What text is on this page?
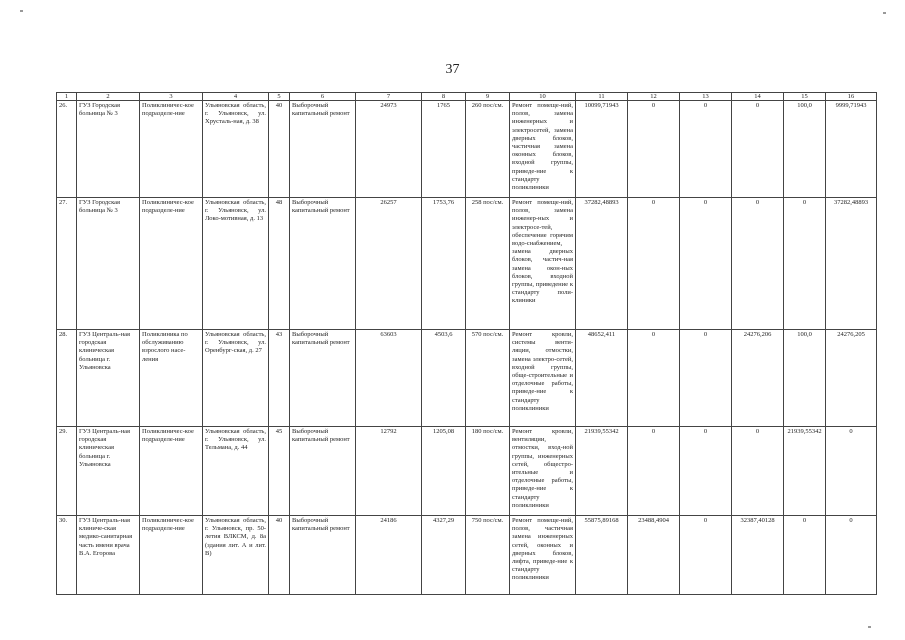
37
1	2	3	4	5	6	7	8	9	10	11	12	13	14	15	16
26.	ГУЗ Городская больница № 3	Поликлиничес-кое подразделе-ние	Ульяновская область, г. Ульяновск, ул. Хрусталь-ная, д. 38	40	Выборочный капитальный ремонт	24973	1765	260 пос/см.	Ремонт помеще-ний, полов, замена инженерных и электросетей, замена дверных блоков, частичная замена оконных блоков, входной группы, приведе-ние к стандарту поликлиники	10099,71943	0	0	0	100,0	9999,71943
27.	ГУЗ Городская больница № 3	Поликлиничес-кое подразделе-ние	Ульяновская область, г. Ульяновск, ул. Локо-мотивная, д. 13	48	Выборочный капитальный ремонт	26257	1753,76	258 пос/см.	Ремонт помеще-ний, полов, замена инженер-ных и электросе-тей, обеспечение горячим водо-снабжением, замена дверных блоков, частич-ная замена окон-ных блоков, входной группы, приведение к стандарту поли-клиники	37282,48893	0	0	0	0	37282,48893
28.	ГУЗ Централь-ная городская клиническая больница г. Ульяновска	Поликлиника по обслуживанию взрослого насе-ления	Ульяновская область, г. Ульяновск, ул. Оренбург-ская, д. 27	43	Выборочный капитальный ремонт	63603	4503,6	570 пос/см.	Ремонт кровли, системы венти-ляции, отмостки, замена электро-сетей, входной группы, обще-строительные и отделочные работы, приведе-ние к стандарту поликлиники	48652,411	0	0	24276,206	100,0	24276,205
29.	ГУЗ Централь-ная городская клиническая больница г. Ульяновска	Поликлиничес-кое подразделе-ние	Ульяновская область, г. Ульяновск, ул. Тельмана, д. 44	45	Выборочный капитальный ремонт	12792	1205,08	180 пос/см.	Ремонт кровли, вентиляции, отмостки, вход-ной группы, инженерных сетей, общестро-ительные и отделочные работы, приведе-ние к стандарту поликлиники	21939,55342	0	0	0	21939,55342	0
30.	ГУЗ Централь-ная клиниче-ская медико-санитарная часть имени врача В.А. Егорова	Поликлиничес-кое подразделе-ние	Ульяновская область, г. Ульяновск, пр. 50-летия ВЛКСМ, д. 8а (здания лит. А и лит. В)	40	Выборочный капитальный ремонт	24186	4327,29	750 пос/см.	Ремонт помеще-ний, полов, частичная замена инженерных сетей, оконных и дверных блоков, лифта, приведе-ние к стандарту поликлиники	55875,89168	23488,4904	0	32387,40128	0	0
